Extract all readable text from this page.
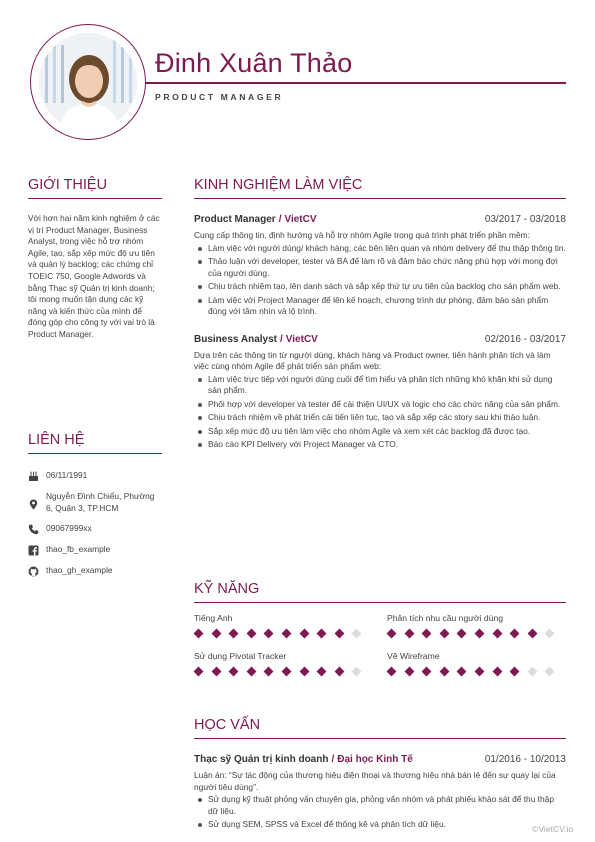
Đinh Xuân Thảo
PRODUCT MANAGER
GIỚI THIỆU

Với hơn hai năm kinh nghiệm ở các vị trí Product Manager, Business Analyst, trong việc hỗ trợ nhóm Agile, tạo, sắp xếp mức độ ưu tiên và quản lý backlog; các chứng chỉ TOEIC 750, Google Adwords và bằng Thạc sỹ Quản trị kinh doanh; tôi mong muốn tận dụng các kỹ năng và kiến thức của mình để đóng góp cho công ty với vai trò là Product Manager.

LIÊN HỆ
06/11/1991
Nguyễn Đình Chiểu, Phường 6, Quận 3, TP.HCM
09067999xx
thao_fb_example
thao_gh_example
KINH NGHIỆM LÀM VIỆC
Product Manager / VietCV	03/2017 - 03/2018

Cung cấp thông tin, định hướng và hỗ trợ nhóm Agile trong quá trình phát triển phần mềm:

Làm việc với người dùng/ khách hàng, các bên liên quan và nhóm delivery để thu thập thông tin.
Thảo luận với developer, tester và BA để làm rõ và đảm bảo chức năng phù hợp với mong đợi của người dùng.
Chịu trách nhiệm tạo, lên danh sách và sắp xếp thứ tự ưu tiên của backlog cho sản phẩm web.
Làm việc với Project Manager để lên kế hoạch, chương trình dự phòng, đảm bảo sản phẩm đúng với tầm nhìn và lộ trình.
Business Analyst / VietCV	02/2016 - 03/2017

Dựa trên các thông tin từ người dùng, khách hàng và Product owner, tiến hành phân tích và làm việc cùng nhóm Agile để phát triển sản phẩm web:

Làm việc trực tiếp với người dùng cuối để tìm hiểu và phân tích những khó khăn khi sử dụng sản phẩm.
Phối hợp với developer và tester để cải thiện UI/UX và logic cho các chức năng của sản phẩm.
Chịu trách nhiệm về phát triển cải tiến liên tục, tạo và sắp xếp các story sau khi thảo luận.
Sắp xếp mức độ ưu tiên làm việc cho nhóm Agile và xem xét các backlog đã được tạo.
Báo cáo KPI Delivery với Project Manager và CTO.
KỸ NĂNG
Tiếng Anh	Phân tích nhu cầu người dùng
Sử dụng Pivotal Tracker	Vẽ Wireframe
HỌC VẤN
Thạc sỹ Quản trị kinh doanh / Đại học Kinh Tế	01/2016 - 10/2013

Luận án: “Sự tác động của thương hiệu điện thoại và thương hiệu nhà bán lẻ đến sự quay lại của người tiêu dùng”.

Sử dụng kỹ thuật phỏng vấn chuyên gia, phỏng vấn nhóm và phát phiếu khảo sát để thu thập dữ liệu.
Sử dụng SEM, SPSS và Excel để thống kê và phân tích dữ liệu.	©VietCV.io
